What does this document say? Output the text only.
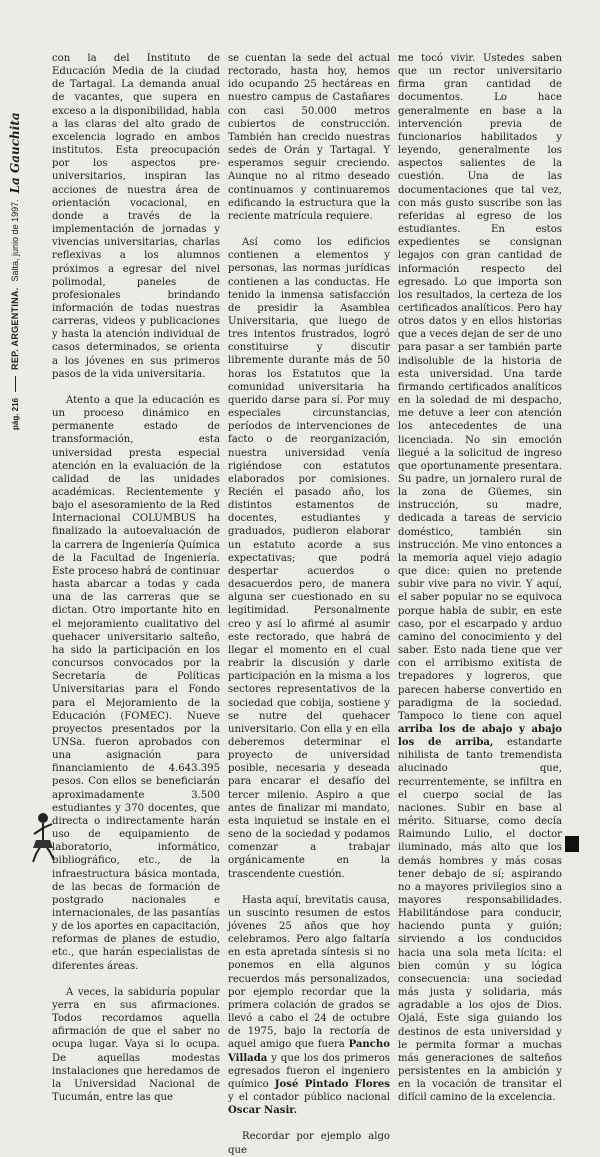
pág. 216
REP. ARGENTINA.
Salta, junio de 1997.
La Gauchita

con la del Instituto de Educación Media de la ciudad de Tartagal. La demanda anual de vacantes, que supera en exceso a la disponibilidad, habla a las claras del alto grado de excelencia logrado en ambos institutos. Esta preocupación por los aspectos pre-universitarios, inspiran las acciones de nuestra área de orientación vocacional, en donde a través de la implementación de jornadas y vivencias universitarias, charlas reflexivas a los alumnos próximos a egresar del nivel polimodal, paneles de profesionales brindando información de todas nuestras carreras, videos y publicaciones y hasta la atención individual de casos determinados, se orienta a los jóvenes en sus primeros pasos de la vida universitaria.

Atento a que la educación es un proceso dinámico en permanente estado de transformación, esta universidad presta especial atención en la evaluación de la calidad de las unidades académicas. Recientemente y bajo el asesoramiento de la Red Internacional COLUMBUS ha finalizado la autoevaluación de la carrera de Ingeniería Química de la Facultad de Ingeniería. Este proceso habrá de continuar hasta abarcar a todas y cada una de las carreras que se dictan. Otro importante hito en el mejoramiento cualitativo del quehacer universitario salteño, ha sido la participación en los concursos convocados por la Secretaría de Políticas Universitarias para el Fondo para el Mejoramiento de la Educación (FOMEC). Nueve proyectos presentados por la UNSa. fueron aprobados con una asignación para financiamiento de 4.643.395 pesos. Con ellos se beneficiarán aproximadamente 3.500 estudiantes y 370 docentes, que directa o indirectamente harán uso de equipamiento de laboratorio, informático, bibliográfico, etc., de la infraestructura básica montada, de las becas de formación de postgrado nacionales e internacionales, de las pasantías y de los aportes en capacitación, reformas de planes de estudio, etc., que harán especialistas de diferentes áreas.

A veces, la sabiduría popular yerra en sus afirmaciones. Todos recordamos aquella afirmación de que el saber no ocupa lugar. Vaya si lo ocupa. De aquellas modestas instalaciones que heredamos de la Universidad Nacional de Tucumán, entre las que

se cuentan la sede del actual rectorado, hasta hoy, hemos ido ocupando 25 hectáreas en nuestro campus de Castañares con casi 50.000 metros cubiertos de construcción. También han crecido nuestras sedes de Orán y Tartagal. Y esperamos seguir creciendo. Aunque no al ritmo deseado continuamos y continuaremos edificando la estructura que la reciente matrícula requiere.

Así como los edificios contienen a elementos y personas, las normas jurídicas contienen a las conductas. He tenido la inmensa satisfacción de presidir la Asamblea Universitaria, que luego de tres intentos frustrados, logró constituirse y discutir libremente durante más de 50 horas los Estatutos que la comunidad universitaria ha querido darse para sí. Por muy especiales circunstancias, períodos de intervenciones de facto o de reorganización, nuestra universidad venía rigiéndose con estatutos elaborados por comisiones. Recién el pasado año, los distintos estamentos de docentes, estudiantes y graduados, pudieron elaborar un estatuto acorde a sus expectativas; que podrá despertar acuerdos o desacuerdos pero, de manera alguna ser cuestionado en su legitimidad. Personalmente creo y así lo afirmé al asumir este rectorado, que habrá de llegar el momento en el cual reabrir la discusión y darle participación en la misma a los sectores representativos de la sociedad que cobija, sostiene y se nutre del quehacer universitario. Con ella y en ella deberemos determinar el proyecto de universidad posible, necesaria y deseada para encarar el desafío del tercer milenio. Aspiro a que antes de finalizar mi mandato, esta inquietud se instale en el seno de la sociedad y podamos comenzar a trabajar orgánicamente en la trascendente cuestión.

Hasta aquí, brevitatis causa, un suscinto resumen de estos jóvenes 25 años que hoy celebramos. Pero algo faltaría en esta apretada síntesis si no ponemos en ella algunos recuerdos más personalizados, por ejemplo recordar que la primera colación de grados se llevó a cabo el 24 de octubre de 1975, bajo la rectoría de aquel amigo que fuera Pancho Villada y que los dos primeros egresados fueron el ingeniero químico José Pintado Flores y el contador público nacional Oscar Nasir.

Recordar por ejemplo algo que

me tocó vivir. Ustedes saben que un rector universitario firma gran cantidad de documentos. Lo hace generalmente en base a la intervención previa de funcionarios habilitados y leyendo, generalmente los aspectos salientes de la cuestión. Una de las documentaciones que tal vez, con más gusto suscribe son las referidas al egreso de los estudiantes. En estos expedientes se consignan legajos con gran cantidad de información respecto del egresado. Lo que importa son los resultados, la certeza de los certificados analíticos. Pero hay otros datos y en ellos historias que a veces dejan de ser de uno para pasar a ser también parte indisoluble de la historia de esta universidad. Una tarde firmando certificados analíticos en la soledad de mi despacho, me detuve a leer con atención los antecedentes de una licenciada. No sin emoción llegué a la solicitud de ingreso que oportunamente presentara. Su padre, un jornalero rural de la zona de Güemes, sin instrucción, su madre, dedicada a tareas de servicio doméstico, también sin instrucción. Me vino entonces a la memoria aquel viejo adagio que dice: quien no pretende subir vive para no vivir. Y aquí, el saber popular no se equivoca porque habla de subir, en este caso, por el escarpado y arduo camino del conocimiento y del saber. Esto nada tiene que ver con el arribismo exitista de trepadores y logreros, que parecen haberse convertido en paradigma de la sociedad. Tampoco lo tiene con aquel arriba los de abajo y abajo los de arriba, estandarte nihilista de tanto tremendista alucinado que, recurrentemente, se infiltra en el cuerpo social de las naciones. Subir en base al mérito. Situarse, como decía Raimundo Lulio, el doctor iluminado, más alto que los demás hombres y más cosas tener debajo de sí; aspirando no a mayores privilegios sino a mayores responsabilidades. Habilitándose para conducir, haciendo punta y guión; sirviendo a los conducidos hacia una sola meta lícita: el bien común y su lógica consecuencia: una sociedad más justa y solidaria, más agradable a los ojos de Dios. Ojalá, Este siga guiando los destinos de esta universidad y le permita formar a muchas más generaciones de salteños persistentes en la ambición y en la vocación de transitar el difícil camino de la excelencia.
